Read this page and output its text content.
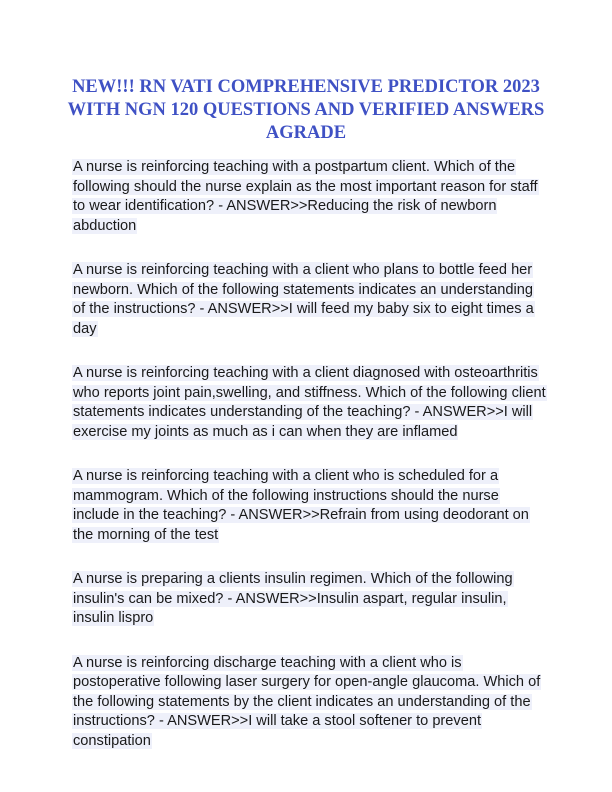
NEW!!! RN VATI COMPREHENSIVE PREDICTOR 2023 WITH NGN 120 QUESTIONS AND VERIFIED ANSWERS AGRADE

A nurse is reinforcing teaching with a postpartum client. Which of the following should the nurse explain as the most important reason for staff to wear identification? - ANSWER>>Reducing the risk of newborn abduction

A nurse is reinforcing teaching with a client who plans to bottle feed her newborn. Which of the following statements indicates an understanding of the instructions? - ANSWER>>I will feed my baby six to eight times a day

A nurse is reinforcing teaching with a client diagnosed with osteoarthritis who reports joint pain,swelling, and stiffness. Which of the following client statements indicates understanding of the teaching? - ANSWER>>I will exercise my joints as much as i can when they are inflamed

A nurse is reinforcing teaching with a client who is scheduled for a mammogram. Which of the following instructions should the nurse include in the teaching? - ANSWER>>Refrain from using deodorant on the morning of the test

A nurse is preparing a clients insulin regimen. Which of the following insulin's can be mixed? - ANSWER>>Insulin aspart, regular insulin, insulin lispro

A nurse is reinforcing discharge teaching with a client who is postoperative following laser surgery for open-angle glaucoma. Which of the following statements by the client indicates an understanding of the instructions? - ANSWER>>I will take a stool softener to prevent constipation
